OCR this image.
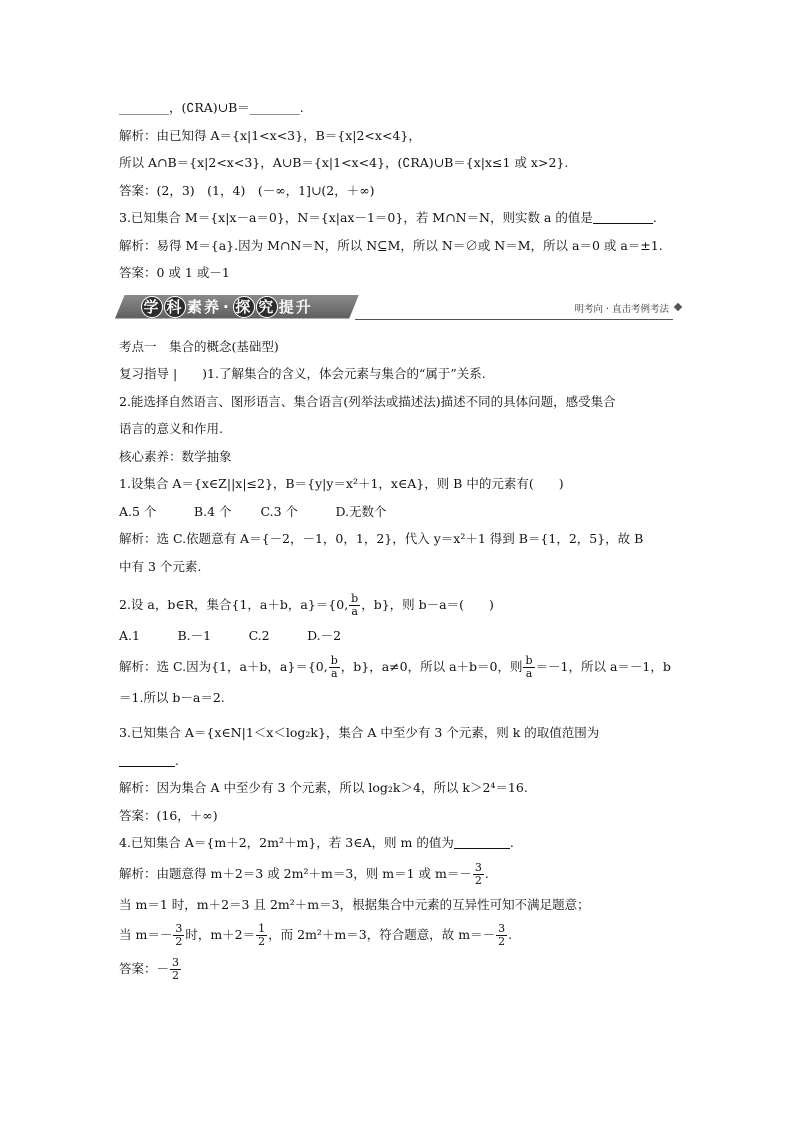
________，(∁RA)∪B＝________.
解析：由已知得 A＝{x|1<x<3}，B＝{x|2<x<4}，
所以 A∩B＝{x|2<x<3}，A∪B＝{x|1<x<4}，(∁RA)∪B＝{x|x≤1 或 x>2}.
答案：(2，3)　(1，4)　(－∞，1]∪(2，＋∞)
3.已知集合 M＝{x|x－a＝0}，N＝{x|ax－1＝0}，若 M∩N＝N，则实数 a 的值是	.
解析：易得 M＝{a}.因为 M∩N＝N，所以 N⊆M，所以 N＝∅或 N＝M，所以 a＝0 或 a＝±1.
答案：0 或 1 或－1
学 科 素养 · 探 究 提升	明考向 · 直击考例考法
考点一　集合的概念(基础型)
复习指导 |　　)1.了解集合的含义，体会元素与集合的“属于”关系.
2.能选择自然语言、图形语言、集合语言(列举法或描述法)描述不同的具体问题，感受集合
语言的意义和作用.
核心素养：数学抽象
1.设集合 A＝{x∈Z||x|≤2}，B＝{y|y＝x²＋1，x∈A}，则 B 中的元素有(　　)
A.5 个　　　B.4 个　　 C.3 个　　　D.无数个
解析：选 C.依题意有 A＝{－2，－1，0，1，2}，代入 y＝x²＋1 得到 B＝{1，2，5}，故 B
中有 3 个元素.
2.设 a，b∈R，集合{1，a＋b，a}＝{0, $\frac{b}{a}$ ，b}，则 b－a＝(　　)
A.1　　　B.－1　　　C.2　　　D.－2
解析：选 C.因为{1，a＋b，a}＝{0, $\frac{b}{a}$ ，b}，a≠0，所以 a＋b＝0，则 $\frac{b}{a} =-1$，所以 a＝－1，b
＝1.所以 b－a＝2.
3.已知集合 A＝{x∈N|1＜x＜log₂k}，集合 A 中至少有 3 个元素，则 k 的取值范围为
.
解析：因为集合 A 中至少有 3 个元素，所以 log₂k＞4，所以 k＞2⁴＝16.
答案：(16，＋∞)
4.已知集合 A＝{m＋2，2m²＋m}，若 3∈A，则 m 的值为	.
解析：由题意得 m＋2＝3 或 2m²＋m＝3，则 m＝1 或 $m=- \frac{3}{2}$ .
当 m＝1 时，m＋2＝3 且 2m²＋m＝3，根据集合中元素的互异性可知不满足题意；
当 $m=- \frac{3}{2}$ 时，$m+2= \frac{1}{2}$ ，而 2m²＋m＝3，符合题意，故 $m=- \frac{3}{2}$ .
答案：－ $\frac{3}{2}$
